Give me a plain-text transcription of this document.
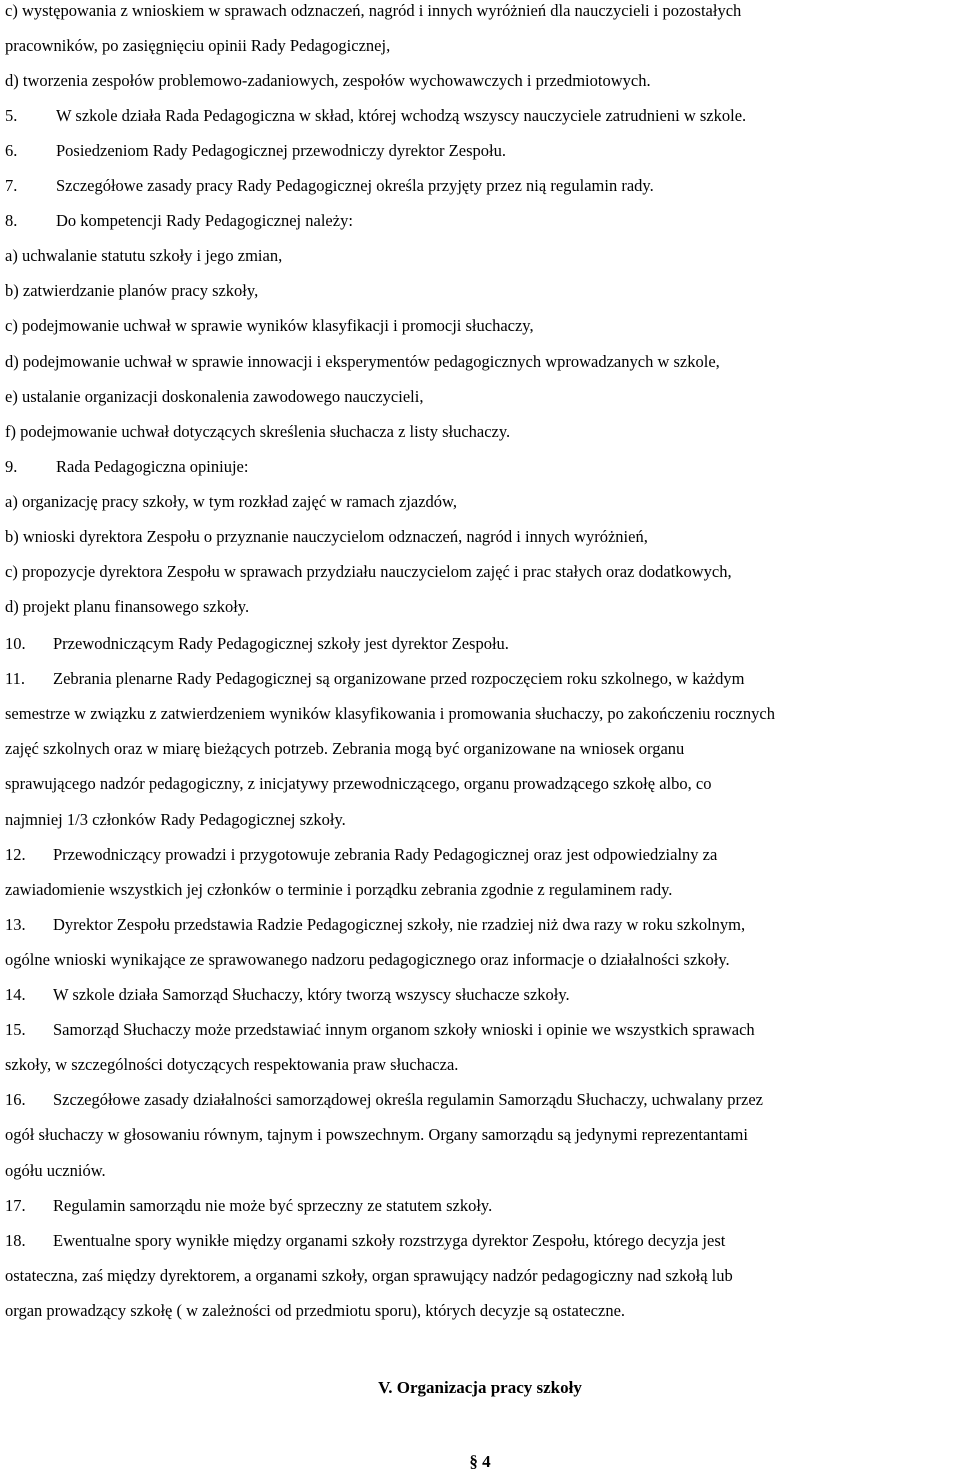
c) występowania z wnioskiem w sprawach odznaczeń, nagród i innych wyróżnień dla nauczycieli i pozostałych
pracowników, po zasięgnięciu opinii Rady Pedagogicznej,
d) tworzenia zespołów problemowo-zadaniowych, zespołów wychowawczych i przedmiotowych.
5. W szkole działa Rada Pedagogiczna w skład, której wchodzą wszyscy nauczyciele zatrudnieni w szkole.
6. Posiedzeniom Rady Pedagogicznej przewodniczy dyrektor Zespołu.
7. Szczegółowe zasady pracy Rady Pedagogicznej określa przyjęty przez nią regulamin rady.
8. Do kompetencji Rady Pedagogicznej należy:
a) uchwalanie statutu szkoły i jego zmian,
b) zatwierdzanie planów pracy szkoły,
c) podejmowanie uchwał w sprawie wyników klasyfikacji i promocji słuchaczy,
d) podejmowanie uchwał w sprawie innowacji i eksperymentów pedagogicznych wprowadzanych w szkole,
e) ustalanie organizacji doskonalenia zawodowego nauczycieli,
f) podejmowanie uchwał dotyczących skreślenia słuchacza z listy słuchaczy.
9. Rada Pedagogiczna opiniuje:
a) organizację pracy szkoły, w tym rozkład zajęć w ramach zjazdów,
b) wnioski dyrektora Zespołu o przyznanie nauczycielom odznaczeń, nagród i innych wyróżnień,
c) propozycje dyrektora Zespołu w sprawach przydziału nauczycielom zajęć i prac stałych oraz dodatkowych,
d) projekt planu finansowego szkoły.
10. Przewodniczącym Rady Pedagogicznej szkoły jest dyrektor Zespołu.
11. Zebrania plenarne Rady Pedagogicznej są organizowane przed rozpoczęciem roku szkolnego, w każdym
semestrze w związku z zatwierdzeniem wyników klasyfikowania i promowania słuchaczy, po zakończeniu rocznych
zajęć szkolnych oraz w miarę bieżących potrzeb. Zebrania mogą być organizowane na wniosek organu
sprawującego nadzór pedagogiczny, z inicjatywy przewodniczącego, organu prowadzącego szkołę albo, co
najmniej 1/3 członków Rady Pedagogicznej szkoły.
12. Przewodniczący prowadzi i przygotowuje zebrania Rady Pedagogicznej oraz jest odpowiedzialny za
zawiadomienie wszystkich jej członków o terminie i porządku zebrania zgodnie z regulaminem rady.
13. Dyrektor Zespołu przedstawia Radzie Pedagogicznej szkoły, nie rzadziej niż dwa razy w roku szkolnym,
ogólne wnioski wynikające ze sprawowanego nadzoru pedagogicznego oraz informacje o działalności szkoły.
14. W szkole działa Samorząd Słuchaczy, który tworzą wszyscy słuchacze szkoły.
15. Samorząd Słuchaczy może przedstawiać innym organom szkoły wnioski i opinie we wszystkich sprawach
szkoły, w szczególności dotyczących respektowania praw słuchacza.
16. Szczegółowe zasady działalności samorządowej określa regulamin Samorządu Słuchaczy, uchwalany przez
ogół słuchaczy w głosowaniu równym, tajnym i powszechnym. Organy samorządu są jedynymi reprezentantami
ogółu uczniów.
17. Regulamin samorządu nie może być sprzeczny ze statutem szkoły.
18. Ewentualne spory wynikłe między organami szkoły rozstrzyga dyrektor Zespołu, którego decyzja jest
ostateczna, zaś między dyrektorem, a organami szkoły, organ sprawujący nadzór pedagogiczny nad szkołą lub
organ prowadzący szkołę ( w zależności od przedmiotu sporu), których decyzje są ostateczne.
V. Organizacja pracy szkoły
§ 4
